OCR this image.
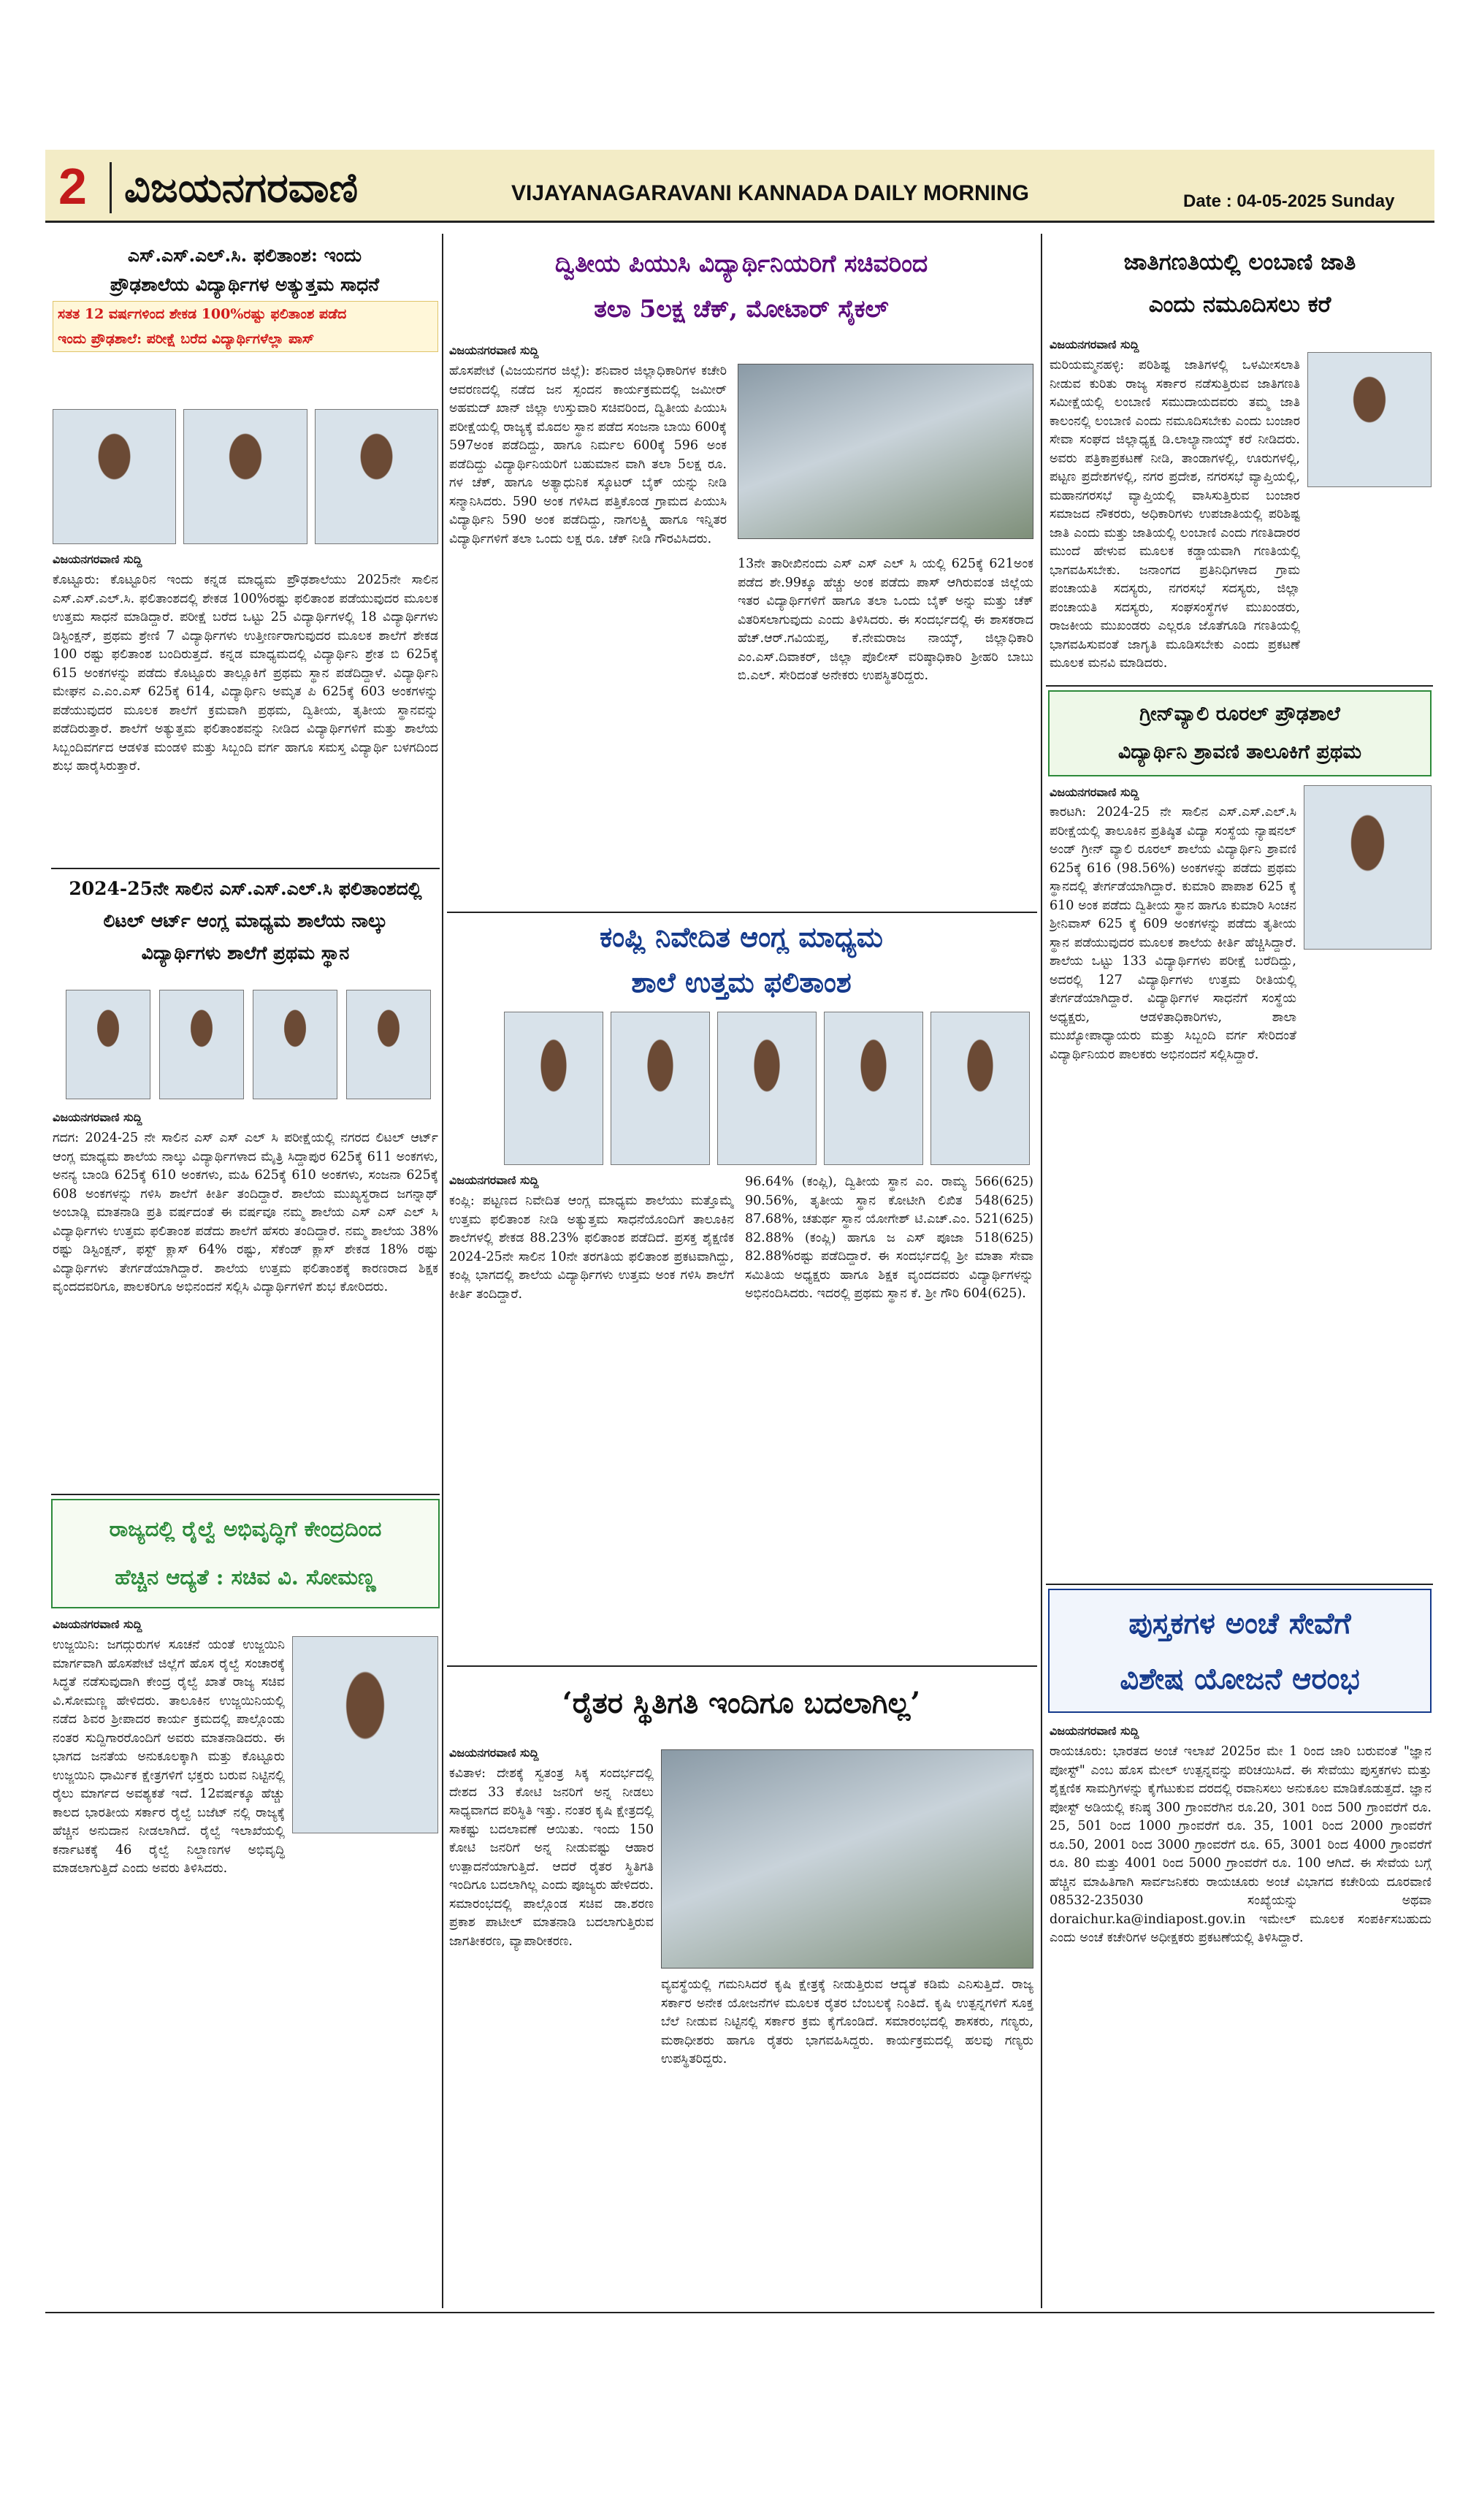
2 ವಿಜಯನಗರವಾಣಿ	VIJAYANAGARAVANI KANNADA DAILY MORNING	Date : 04-05-2025 Sunday
ಎಸ್.ಎಸ್.ಎಲ್.ಸಿ. ಫಲಿತಾಂಶ: ಇಂದು
ಪ್ರೌಢಶಾಲೆಯ ವಿದ್ಯಾರ್ಥಿಗಳ ಅತ್ಯುತ್ತಮ ಸಾಧನೆ
ಸತತ 12 ವರ್ಷಗಳಿಂದ ಶೇಕಡ 100%ರಷ್ಟು ಫಲಿತಾಂಶ ಪಡೆದ
ಇಂದು ಪ್ರೌಢಶಾಲೆ: ಪರೀಕ್ಷೆ ಬರೆದ ವಿದ್ಯಾರ್ಥಿಗಳೆಲ್ಲಾ ಪಾಸ್
ವಿಜಯನಗರವಾಣಿ ಸುದ್ದಿ
ಕೊಟ್ಟೂರು: ಕೊಟ್ಟೂರಿನ ಇಂದು ಕನ್ನಡ ಮಾಧ್ಯಮ ಪ್ರೌಢಶಾಲೆಯು 2025ನೇ ಸಾಲಿನ ಎಸ್.ಎಸ್.ಎಲ್.ಸಿ. ಫಲಿತಾಂಶದಲ್ಲಿ ಶೇಕಡ 100%ರಷ್ಟು ಫಲಿತಾಂಶ ಪಡೆಯುವುದರ ಮೂಲಕ ಉತ್ತಮ ಸಾಧನೆ ಮಾಡಿದ್ದಾರೆ. ಪರೀಕ್ಷೆ ಬರೆದ ಒಟ್ಟು 25 ವಿದ್ಯಾರ್ಥಿಗಳಲ್ಲಿ 18 ವಿದ್ಯಾರ್ಥಿಗಳು ಡಿಸ್ಟಿಂಕ್ಷನ್, ಪ್ರಥಮ ಶ್ರೇಣಿ 7 ವಿದ್ಯಾರ್ಥಿಗಳು ಉತ್ತೀರ್ಣರಾಗುವುದರ ಮೂಲಕ ಶಾಲೆಗೆ ಶೇಕಡ 100 ರಷ್ಟು ಫಲಿತಾಂಶ ಬಂದಿರುತ್ತದೆ. ಕನ್ನಡ ಮಾಧ್ಯಮದಲ್ಲಿ ವಿದ್ಯಾರ್ಥಿನಿ ಶ್ರೇತ ಬಿ 625ಕ್ಕೆ 615 ಅಂಕಗಳನ್ನು ಪಡೆದು ಕೊಟ್ಟೂರು ತಾಲ್ಲೂಕಿಗೆ ಪ್ರಥಮ ಸ್ಥಾನ ಪಡೆದಿದ್ದಾಳೆ. ವಿದ್ಯಾರ್ಥಿನಿ ಮೇಘನ ಎ.ಎಂ.ಎಸ್ 625ಕ್ಕೆ 614, ವಿದ್ಯಾರ್ಥಿನಿ ಅಮೃತ ಪಿ 625ಕ್ಕೆ 603 ಅಂಕಗಳನ್ನು ಪಡೆಯುವುದರ ಮೂಲಕ ಶಾಲೆಗೆ ಕ್ರಮವಾಗಿ ಪ್ರಥಮ, ದ್ವಿತೀಯ, ತೃತೀಯ ಸ್ಥಾನವನ್ನು ಪಡೆದಿರುತ್ತಾರೆ. ಶಾಲೆಗೆ ಅತ್ಯುತ್ತಮ ಫಲಿತಾಂಶವನ್ನು ನೀಡಿದ ವಿದ್ಯಾರ್ಥಿಗಳಿಗೆ ಮತ್ತು ಶಾಲೆಯ ಸಿಬ್ಬಂದಿವರ್ಗದ ಆಡಳಿತ ಮಂಡಳಿ ಮತ್ತು ಸಿಬ್ಬಂದಿ ವರ್ಗ ಹಾಗೂ ಸಮಸ್ತ ವಿದ್ಯಾರ್ಥಿ ಬಳಗದಿಂದ ಶುಭ ಹಾರೈಸಿರುತ್ತಾರೆ.
2024-25ನೇ ಸಾಲಿನ ಎಸ್.ಎಸ್.ಎಲ್.ಸಿ ಫಲಿತಾಂಶದಲ್ಲಿ
ಲಿಟಲ್ ಆರ್ಟ್ ಆಂಗ್ಲ ಮಾಧ್ಯಮ ಶಾಲೆಯ ನಾಲ್ಕು
ವಿದ್ಯಾರ್ಥಿಗಳು ಶಾಲೆಗೆ ಪ್ರಥಮ ಸ್ಥಾನ
ವಿಜಯನಗರವಾಣಿ ಸುದ್ದಿ
ಗದಗ: 2024-25 ನೇ ಸಾಲಿನ ಎಸ್ ಎಸ್ ಎಲ್ ಸಿ ಪರೀಕ್ಷೆಯಲ್ಲಿ ನಗರದ ಲಿಟಲ್ ಆರ್ಟ್ ಆಂಗ್ಲ ಮಾಧ್ಯಮ ಶಾಲೆಯ ನಾಲ್ಕು ವಿದ್ಯಾರ್ಥಿಗಳಾದ ಮೈತ್ರಿ ಸಿದ್ದಾಪುರ 625ಕ್ಕೆ 611 ಅಂಕಗಳು, ಅನನ್ಯ ಬಾಂಡಿ 625ಕ್ಕೆ 610 ಅಂಕಗಳು, ಮಹಿ 625ಕ್ಕೆ 610 ಅಂಕಗಳು, ಸಂಜನಾ 625ಕ್ಕೆ 608 ಅಂಕಗಳನ್ನು ಗಳಿಸಿ ಶಾಲೆಗೆ ಕೀರ್ತಿ ತಂದಿದ್ದಾರೆ. ಶಾಲೆಯ ಮುಖ್ಯಸ್ಥರಾದ ಜಗನ್ನಾಥ್ ಅಂಬಾಡ್ಲಿ ಮಾತನಾಡಿ ಪ್ರತಿ ವರ್ಷದಂತೆ ಈ ವರ್ಷವೂ ನಮ್ಮ ಶಾಲೆಯ ಎಸ್ ಎಸ್ ಎಲ್ ಸಿ ವಿದ್ಯಾರ್ಥಿಗಳು ಉತ್ತಮ ಫಲಿತಾಂಶ ಪಡೆದು ಶಾಲೆಗೆ ಹೆಸರು ತಂದಿದ್ದಾರೆ. ನಮ್ಮ ಶಾಲೆಯ 38% ರಷ್ಟು ಡಿಸ್ಟಿಂಕ್ಷನ್, ಫಸ್ಟ್ ಕ್ಲಾಸ್ 64% ರಷ್ಟು, ಸೆಕೆಂಡ್ ಕ್ಲಾಸ್ ಶೇಕಡ 18% ರಷ್ಟು ವಿದ್ಯಾರ್ಥಿಗಳು ತೇರ್ಗಡೆಯಾಗಿದ್ದಾರೆ. ಶಾಲೆಯ ಉತ್ತಮ ಫಲಿತಾಂಶಕ್ಕೆ ಕಾರಣರಾದ ಶಿಕ್ಷಕ ವೃಂದದವರಿಗೂ, ಪಾಲಕರಿಗೂ ಅಭಿನಂದನೆ ಸಲ್ಲಿಸಿ ವಿದ್ಯಾರ್ಥಿಗಳಿಗೆ ಶುಭ ಕೋರಿದರು.
ರಾಜ್ಯದಲ್ಲಿ ರೈಲ್ವೆ ಅಭಿವೃದ್ಧಿಗೆ ಕೇಂದ್ರದಿಂದ
ಹೆಚ್ಚಿನ ಆದ್ಯತೆ : ಸಚಿವ ವಿ. ಸೋಮಣ್ಣ
ವಿಜಯನಗರವಾಣಿ ಸುದ್ದಿ
ಉಜ್ಜಯಿನಿ: ಜಗದ್ಗುರುಗಳ ಸೂಚನೆ ಯಂತೆ ಉಜ್ಜಯಿನಿ ಮಾರ್ಗವಾಗಿ ಹೊಸಪೇಟೆ ಜಿಲ್ಲೆಗೆ ಹೊಸ ರೈಲ್ವೆ ಸಂಚಾರಕ್ಕೆ ಸಿದ್ಧತೆ ನಡೆಸುವುದಾಗಿ ಕೇಂದ್ರ ರೈಲ್ವೆ ಖಾತೆ ರಾಜ್ಯ ಸಚಿವ ವಿ.ಸೋಮಣ್ಣ ಹೇಳಿದರು. ತಾಲೂಕಿನ ಉಜ್ಜಯಿನಿಯಲ್ಲಿ ನಡೆದ ಶಿವರ ಶ್ರೀಪಾದರ ಕಾರ್ಯ ಕ್ರಮದಲ್ಲಿ ಪಾಲ್ಗೊಂಡು ನಂತರ ಸುದ್ದಿಗಾರರೊಂದಿಗೆ ಅವರು ಮಾತನಾಡಿದರು. ಈ ಭಾಗದ ಜನತೆಯ ಅನುಕೂಲಕ್ಕಾಗಿ ಮತ್ತು ಕೊಟ್ಟೂರು ಉಜ್ಜಯಿನಿ ಧಾರ್ಮಿಕ ಕ್ಷೇತ್ರಗಳಿಗೆ ಭಕ್ತರು ಬರುವ ನಿಟ್ಟಿನಲ್ಲಿ ರೈಲು ಮಾರ್ಗದ ಅವಶ್ಯಕತೆ ಇದೆ. 12ವರ್ಷಕ್ಕೂ ಹೆಚ್ಚು ಕಾಲದ ಭಾರತೀಯ ಸರ್ಕಾರ ರೈಲ್ವೆ ಬಜೆಟ್ ನಲ್ಲಿ ರಾಜ್ಯಕ್ಕೆ ಹೆಚ್ಚಿನ ಅನುದಾನ ನೀಡಲಾಗಿದೆ. ರೈಲ್ವೆ ಇಲಾಖೆಯಲ್ಲಿ ಕರ್ನಾಟಕಕ್ಕೆ 46 ರೈಲ್ವೆ ನಿಲ್ದಾಣಗಳ ಅಭಿವೃದ್ಧಿ ಮಾಡಲಾಗುತ್ತಿದೆ ಎಂದು ಅವರು ತಿಳಿಸಿದರು.
ದ್ವಿತೀಯ ಪಿಯುಸಿ ವಿದ್ಯಾರ್ಥಿನಿಯರಿಗೆ ಸಚಿವರಿಂದ
ತಲಾ 5ಲಕ್ಷ ಚೆಕ್, ಮೋಟಾರ್ ಸೈಕಲ್
ವಿಜಯನಗರವಾಣಿ ಸುದ್ದಿ
ಹೊಸಪೇಟೆ (ವಿಜಯನಗರ ಜಿಲ್ಲೆ): ಶನಿವಾರ ಜಿಲ್ಲಾಧಿಕಾರಿಗಳ ಕಚೇರಿ ಆವರಣದಲ್ಲಿ ನಡೆದ ಜನ ಸ್ಪಂದನ ಕಾರ್ಯಕ್ರಮದಲ್ಲಿ ಜಮೀರ್ ಅಹಮದ್ ಖಾನ್ ಜಿಲ್ಲಾ ಉಸ್ತುವಾರಿ ಸಚಿವರಿಂದ, ದ್ವಿತೀಯ ಪಿಯುಸಿ ಪರೀಕ್ಷೆಯಲ್ಲಿ ರಾಜ್ಯಕ್ಕೆ ಮೊದಲ ಸ್ಥಾನ ಪಡೆದ ಸಂಜನಾ ಬಾಯಿ 600ಕ್ಕೆ 597ಅಂಕ ಪಡೆದಿದ್ದು, ಹಾಗೂ ನಿರ್ಮಲ 600ಕ್ಕೆ 596 ಅಂಕ ಪಡೆದಿದ್ದು ವಿದ್ಯಾರ್ಥಿನಿಯರಿಗೆ ಬಹುಮಾನ ವಾಗಿ ತಲಾ 5ಲಕ್ಷ ರೂ. ಗಳ ಚೆಕ್, ಹಾಗೂ ಅತ್ಯಾಧುನಿಕ ಸ್ಕೂಟರ್ ಬೈಕ್ ಯನ್ನು ನೀಡಿ ಸನ್ಮಾನಿಸಿದರು. 590 ಅಂಕ ಗಳಿಸಿದ ಪತ್ತಿಕೊಂಡ ಗ್ರಾಮದ ಪಿಯುಸಿ ವಿದ್ಯಾರ್ಥಿನಿ 590 ಅಂಕ ಪಡೆದಿದ್ದು, ನಾಗಲಕ್ಷ್ಮಿ ಹಾಗೂ ಇನ್ನಿತರ ವಿದ್ಯಾರ್ಥಿಗಳಿಗೆ ತಲಾ ಒಂದು ಲಕ್ಷ ರೂ. ಚೆಕ್ ನೀಡಿ ಗೌರವಿಸಿದರು.
13ನೇ ತಾರೀಖಿನಂದು ಎಸ್ ಎಸ್ ಎಲ್ ಸಿ ಯಲ್ಲಿ 625ಕ್ಕೆ 621ಅಂಕ ಪಡೆದ ಶೇ.99ಕ್ಕೂ ಹೆಚ್ಚು ಅಂಕ ಪಡೆದು ಪಾಸ್ ಆಗಿರುವಂತ ಜಿಲ್ಲೆಯ ಇತರ ವಿದ್ಯಾರ್ಥಿಗಳಿಗೆ ಹಾಗೂ ತಲಾ ಒಂದು ಬೈಕ್ ಅನ್ನು ಮತ್ತು ಚೆಕ್ ವಿತರಿಸಲಾಗುವುದು ಎಂದು ತಿಳಿಸಿದರು. ಈ ಸಂದರ್ಭದಲ್ಲಿ ಈ ಶಾಸಕರಾದ ಹೆಚ್.ಆರ್.ಗವಿಯಪ್ಪ, ಕೆ.ನೇಮರಾಜ ನಾಯ್ಕ್, ಜಿಲ್ಲಾಧಿಕಾರಿ ಎಂ.ಎಸ್.ದಿವಾಕರ್, ಜಿಲ್ಲಾ ಪೊಲೀಸ್ ವರಿಷ್ಠಾಧಿಕಾರಿ ಶ್ರೀಹರಿ ಬಾಬು ಬಿ.ಎಲ್. ಸೇರಿದಂತೆ ಅನೇಕರು ಉಪಸ್ಥಿತರಿದ್ದರು.
ಕಂಪ್ಲಿ ನಿವೇದಿತ ಆಂಗ್ಲ ಮಾಧ್ಯಮ
ಶಾಲೆ ಉತ್ತಮ ಫಲಿತಾಂಶ
ವಿಜಯನಗರವಾಣಿ ಸುದ್ದಿ
ಕಂಪ್ಲಿ: ಪಟ್ಟಣದ ನಿವೇದಿತ ಆಂಗ್ಲ ಮಾಧ್ಯಮ ಶಾಲೆಯು ಮತ್ತೊಮ್ಮೆ ಉತ್ತಮ ಫಲಿತಾಂಶ ನೀಡಿ ಅತ್ಯುತ್ತಮ ಸಾಧನೆಯೊಂದಿಗೆ ತಾಲೂಕಿನ ಶಾಲೆಗಳಲ್ಲಿ ಶೇಕಡ 88.23% ಫಲಿತಾಂಶ ಪಡೆದಿದೆ. ಪ್ರಸಕ್ತ ಶೈಕ್ಷಣಿಕ 2024-25ನೇ ಸಾಲಿನ 10ನೇ ತರಗತಿಯ ಫಲಿತಾಂಶ ಪ್ರಕಟವಾಗಿದ್ದು, ಕಂಪ್ಲಿ ಭಾಗದಲ್ಲಿ ಶಾಲೆಯ ವಿದ್ಯಾರ್ಥಿಗಳು ಉತ್ತಮ ಅಂಕ ಗಳಿಸಿ ಶಾಲೆಗೆ ಕೀರ್ತಿ ತಂದಿದ್ದಾರೆ.
96.64% (ಕಂಪ್ಲಿ), ದ್ವಿತೀಯ ಸ್ಥಾನ ಎಂ. ರಾಮ್ಯ 566(625) 90.56%, ತೃತೀಯ ಸ್ಥಾನ ಕೋಟೀಗಿ ಲಿಖಿತ 548(625) 87.68%, ಚತುರ್ಥ ಸ್ಥಾನ ಯೋಗೇಶ್ ಟಿ.ಎಚ್.ಎಂ. 521(625) 82.88% (ಕಂಪ್ಲಿ) ಹಾಗೂ ಜ ಎಸ್ ಪೂಜಾ 518(625) 82.88%ರಷ್ಟು ಪಡೆದಿದ್ದಾರೆ. ಈ ಸಂದರ್ಭದಲ್ಲಿ ಶ್ರೀ ಮಾತಾ ಸೇವಾ ಸಮಿತಿಯ ಅಧ್ಯಕ್ಷರು ಹಾಗೂ ಶಿಕ್ಷಕ ವೃಂದದವರು ವಿದ್ಯಾರ್ಥಿಗಳನ್ನು ಅಭಿನಂದಿಸಿದರು. ಇದರಲ್ಲಿ ಪ್ರಥಮ ಸ್ಥಾನ ಕೆ. ಶ್ರೀ ಗೌರಿ 604(625).
‘ರೈತರ ಸ್ಥಿತಿಗತಿ ಇಂದಿಗೂ ಬದಲಾಗಿಲ್ಲ’
ವಿಜಯನಗರವಾಣಿ ಸುದ್ದಿ
ಕವಿತಾಳ: ದೇಶಕ್ಕೆ ಸ್ವತಂತ್ರ ಸಿಕ್ಕ ಸಂದರ್ಭದಲ್ಲಿ ದೇಶದ 33 ಕೋಟಿ ಜನರಿಗೆ ಅನ್ನ ನೀಡಲು ಸಾಧ್ಯವಾಗದ ಪರಿಸ್ಥಿತಿ ಇತ್ತು. ನಂತರ ಕೃಷಿ ಕ್ಷೇತ್ರದಲ್ಲಿ ಸಾಕಷ್ಟು ಬದಲಾವಣೆ ಆಯಿತು. ಇಂದು 150 ಕೋಟಿ ಜನರಿಗೆ ಅನ್ನ ನೀಡುವಷ್ಟು ಆಹಾರ ಉತ್ಪಾದನೆಯಾಗುತ್ತಿದೆ. ಆದರೆ ರೈತರ ಸ್ಥಿತಿಗತಿ ಇಂದಿಗೂ ಬದಲಾಗಿಲ್ಲ ಎಂದು ಪೂಜ್ಯರು ಹೇಳಿದರು. ಸಮಾರಂಭದಲ್ಲಿ ಪಾಲ್ಗೊಂಡ ಸಚಿವ ಡಾ.ಶರಣ ಪ್ರಕಾಶ ಪಾಟೀಲ್ ಮಾತನಾಡಿ ಬದಲಾಗುತ್ತಿರುವ ಜಾಗತೀಕರಣ, ವ್ಯಾಪಾರೀಕರಣ.
ವ್ಯವಸ್ಥೆಯಲ್ಲಿ ಗಮನಿಸಿದರೆ ಕೃಷಿ ಕ್ಷೇತ್ರಕ್ಕೆ ನೀಡುತ್ತಿರುವ ಆದ್ಯತೆ ಕಡಿಮೆ ಎನಿಸುತ್ತಿದೆ. ರಾಜ್ಯ ಸರ್ಕಾರ ಅನೇಕ ಯೋಜನೆಗಳ ಮೂಲಕ ರೈತರ ಬೆಂಬಲಕ್ಕೆ ನಿಂತಿದೆ. ಕೃಷಿ ಉತ್ಪನ್ನಗಳಿಗೆ ಸೂಕ್ತ ಬೆಲೆ ನೀಡುವ ನಿಟ್ಟಿನಲ್ಲಿ ಸರ್ಕಾರ ಕ್ರಮ ಕೈಗೊಂಡಿದೆ. ಸಮಾರಂಭದಲ್ಲಿ ಶಾಸಕರು, ಗಣ್ಯರು, ಮಠಾಧೀಶರು ಹಾಗೂ ರೈತರು ಭಾಗವಹಿಸಿದ್ದರು. ಕಾರ್ಯಕ್ರಮದಲ್ಲಿ ಹಲವು ಗಣ್ಯರು ಉಪಸ್ಥಿತರಿದ್ದರು.
ಜಾತಿಗಣತಿಯಲ್ಲಿ ಲಂಬಾಣಿ ಜಾತಿ
ಎಂದು ನಮೂದಿಸಲು ಕರೆ
ವಿಜಯನಗರವಾಣಿ ಸುದ್ದಿ
ಮರಿಯಮ್ಮನಹಳ್ಳಿ: ಪರಿಶಿಷ್ಟ ಜಾತಿಗಳಲ್ಲಿ ಒಳಮೀಸಲಾತಿ ನೀಡುವ ಕುರಿತು ರಾಜ್ಯ ಸರ್ಕಾರ ನಡೆಸುತ್ತಿರುವ ಜಾತಿಗಣತಿ ಸಮೀಕ್ಷೆಯಲ್ಲಿ ಲಂಬಾಣಿ ಸಮುದಾಯದವರು ತಮ್ಮ ಜಾತಿ ಕಾಲಂನಲ್ಲಿ ಲಂಬಾಣಿ ಎಂದು ನಮೂದಿಸಬೇಕು ಎಂದು ಬಂಜಾರ ಸೇವಾ ಸಂಘದ ಜಿಲ್ಲಾಧ್ಯಕ್ಷ ಡಿ.ಲಾಲ್ಯಾನಾಯ್ಕ್ ಕರೆ ನೀಡಿದರು. ಅವರು ಪತ್ರಿಕಾಪ್ರಕಟಣೆ ನೀಡಿ, ತಾಂಡಾಗಳಲ್ಲಿ, ಊರುಗಳಲ್ಲಿ, ಪಟ್ಟಣ ಪ್ರದೇಶಗಳಲ್ಲಿ, ನಗರ ಪ್ರದೇಶ, ನಗರಸಭೆ ವ್ಯಾಪ್ತಿಯಲ್ಲಿ, ಮಹಾನಗರಸಭೆ ವ್ಯಾಪ್ತಿಯಲ್ಲಿ ವಾಸಿಸುತ್ತಿರುವ ಬಂಜಾರ ಸಮಾಜದ ನೌಕರರು, ಅಧಿಕಾರಿಗಳು ಉಪಜಾತಿಯಲ್ಲಿ ಪರಿಶಿಷ್ಟ ಜಾತಿ ಎಂದು ಮತ್ತು ಜಾತಿಯಲ್ಲಿ ಲಂಬಾಣಿ ಎಂದು ಗಣತಿದಾರರ ಮುಂದೆ ಹೇಳುವ ಮೂಲಕ ಕಡ್ಡಾಯವಾಗಿ ಗಣತಿಯಲ್ಲಿ ಭಾಗವಹಿಸಬೇಕು. ಜನಾಂಗದ ಪ್ರತಿನಿಧಿಗಳಾದ ಗ್ರಾಮ ಪಂಚಾಯತಿ ಸದಸ್ಯರು, ನಗರಸಭೆ ಸದಸ್ಯರು, ಜಿಲ್ಲಾ ಪಂಚಾಯತಿ ಸದಸ್ಯರು, ಸಂಘಸಂಸ್ಥೆಗಳ ಮುಖಂಡರು, ರಾಜಕೀಯ ಮುಖಂಡರು ಎಲ್ಲರೂ ಜೊತೆಗೂಡಿ ಗಣತಿಯಲ್ಲಿ ಭಾಗವಹಿಸುವಂತೆ ಜಾಗೃತಿ ಮೂಡಿಸಬೇಕು ಎಂದು ಪ್ರಕಟಣೆ ಮೂಲಕ ಮನವಿ ಮಾಡಿದರು.
ಗ್ರೀನ್‌ವ್ಯಾಲಿ ರೂರಲ್ ಪ್ರೌಢಶಾಲೆ
ವಿದ್ಯಾರ್ಥಿನಿ ಶ್ರಾವಣಿ ತಾಲೂಕಿಗೆ ಪ್ರಥಮ
ವಿಜಯನಗರವಾಣಿ ಸುದ್ದಿ
ಕಾರಟಗಿ: 2024-25 ನೇ ಸಾಲಿನ ಎಸ್.ಎಸ್.ಎಲ್.ಸಿ ಪರೀಕ್ಷೆಯಲ್ಲಿ ತಾಲೂಕಿನ ಪ್ರತಿಷ್ಠಿತ ವಿದ್ಯಾ ಸಂಸ್ಥೆಯ ನ್ಯಾಷನಲ್ ಅಂಡ್ ಗ್ರೀನ್ ವ್ಯಾಲಿ ರೂರಲ್ ಶಾಲೆಯ ವಿದ್ಯಾರ್ಥಿನಿ ಶ್ರಾವಣಿ 625ಕ್ಕೆ 616 (98.56%) ಅಂಕಗಳನ್ನು ಪಡೆದು ಪ್ರಥಮ ಸ್ಥಾನದಲ್ಲಿ ತೇರ್ಗಡೆಯಾಗಿದ್ದಾರೆ. ಕುಮಾರಿ ಪಾಪಾಶ 625 ಕ್ಕೆ 610 ಅಂಕ ಪಡೆದು ದ್ವಿತೀಯ ಸ್ಥಾನ ಹಾಗೂ ಕುಮಾರಿ ಸಿಂಚನ ಶ್ರೀನಿವಾಸ್ 625 ಕ್ಕೆ 609 ಅಂಕಗಳನ್ನು ಪಡೆದು ತೃತೀಯ ಸ್ಥಾನ ಪಡೆಯುವುದರ ಮೂಲಕ ಶಾಲೆಯ ಕೀರ್ತಿ ಹೆಚ್ಚಿಸಿದ್ದಾರೆ. ಶಾಲೆಯ ಒಟ್ಟು 133 ವಿದ್ಯಾರ್ಥಿಗಳು ಪರೀಕ್ಷೆ ಬರೆದಿದ್ದು, ಅದರಲ್ಲಿ 127 ವಿದ್ಯಾರ್ಥಿಗಳು ಉತ್ತಮ ರೀತಿಯಲ್ಲಿ ತೇರ್ಗಡೆಯಾಗಿದ್ದಾರೆ. ವಿದ್ಯಾರ್ಥಿಗಳ ಸಾಧನೆಗೆ ಸಂಸ್ಥೆಯ ಅಧ್ಯಕ್ಷರು, ಆಡಳಿತಾಧಿಕಾರಿಗಳು, ಶಾಲಾ ಮುಖ್ಯೋಪಾಧ್ಯಾಯರು ಮತ್ತು ಸಿಬ್ಬಂದಿ ವರ್ಗ ಸೇರಿದಂತೆ ವಿದ್ಯಾರ್ಥಿನಿಯರ ಪಾಲಕರು ಅಭಿನಂದನೆ ಸಲ್ಲಿಸಿದ್ದಾರೆ.
ಪುಸ್ತಕಗಳ ಅಂಚೆ ಸೇವೆಗೆ
ವಿಶೇಷ ಯೋಜನೆ ಆರಂಭ
ವಿಜಯನಗರವಾಣಿ ಸುದ್ದಿ
ರಾಯಚೂರು: ಭಾರತದ ಅಂಚೆ ಇಲಾಖೆ 2025ರ ಮೇ 1 ರಿಂದ ಜಾರಿ ಬರುವಂತೆ "ಜ್ಞಾನ ಪೋಸ್ಟ್" ಎಂಬ ಹೊಸ ಮೇಲ್ ಉತ್ಪನ್ನವನ್ನು ಪರಿಚಯಿಸಿದೆ. ಈ ಸೇವೆಯು ಪುಸ್ತಕಗಳು ಮತ್ತು ಶೈಕ್ಷಣಿಕ ಸಾಮಗ್ರಿಗಳನ್ನು ಕೈಗೆಟುಕುವ ದರದಲ್ಲಿ ರವಾನಿಸಲು ಅನುಕೂಲ ಮಾಡಿಕೊಡುತ್ತದೆ. ಜ್ಞಾನ ಪೋಸ್ಟ್ ಅಡಿಯಲ್ಲಿ ಕನಿಷ್ಠ 300 ಗ್ರಾಂವರೆಗಿನ ರೂ.20, 301 ರಿಂದ 500 ಗ್ರಾಂವರೆಗೆ ರೂ. 25, 501 ರಿಂದ 1000 ಗ್ರಾಂವರೆಗೆ ರೂ. 35, 1001 ರಿಂದ 2000 ಗ್ರಾಂವರೆಗೆ ರೂ.50, 2001 ರಿಂದ 3000 ಗ್ರಾಂವರೆಗೆ ರೂ. 65, 3001 ರಿಂದ 4000 ಗ್ರಾಂವರೆಗೆ ರೂ. 80 ಮತ್ತು 4001 ರಿಂದ 5000 ಗ್ರಾಂವರೆಗೆ ರೂ. 100 ಆಗಿದೆ. ಈ ಸೇವೆಯ ಬಗ್ಗೆ ಹೆಚ್ಚಿನ ಮಾಹಿತಿಗಾಗಿ ಸಾರ್ವಜನಿಕರು ರಾಯಚೂರು ಅಂಚೆ ವಿಭಾಗದ ಕಚೇರಿಯ ದೂರವಾಣಿ 08532-235030 ಸಂಖ್ಯೆಯನ್ನು ಅಥವಾ doraichur.ka@indiapost.gov.in ಇಮೇಲ್ ಮೂಲಕ ಸಂಪರ್ಕಿಸಬಹುದು ಎಂದು ಅಂಚೆ ಕಚೇರಿಗಳ ಅಧೀಕ್ಷಕರು ಪ್ರಕಟಣೆಯಲ್ಲಿ ತಿಳಿಸಿದ್ದಾರೆ.
